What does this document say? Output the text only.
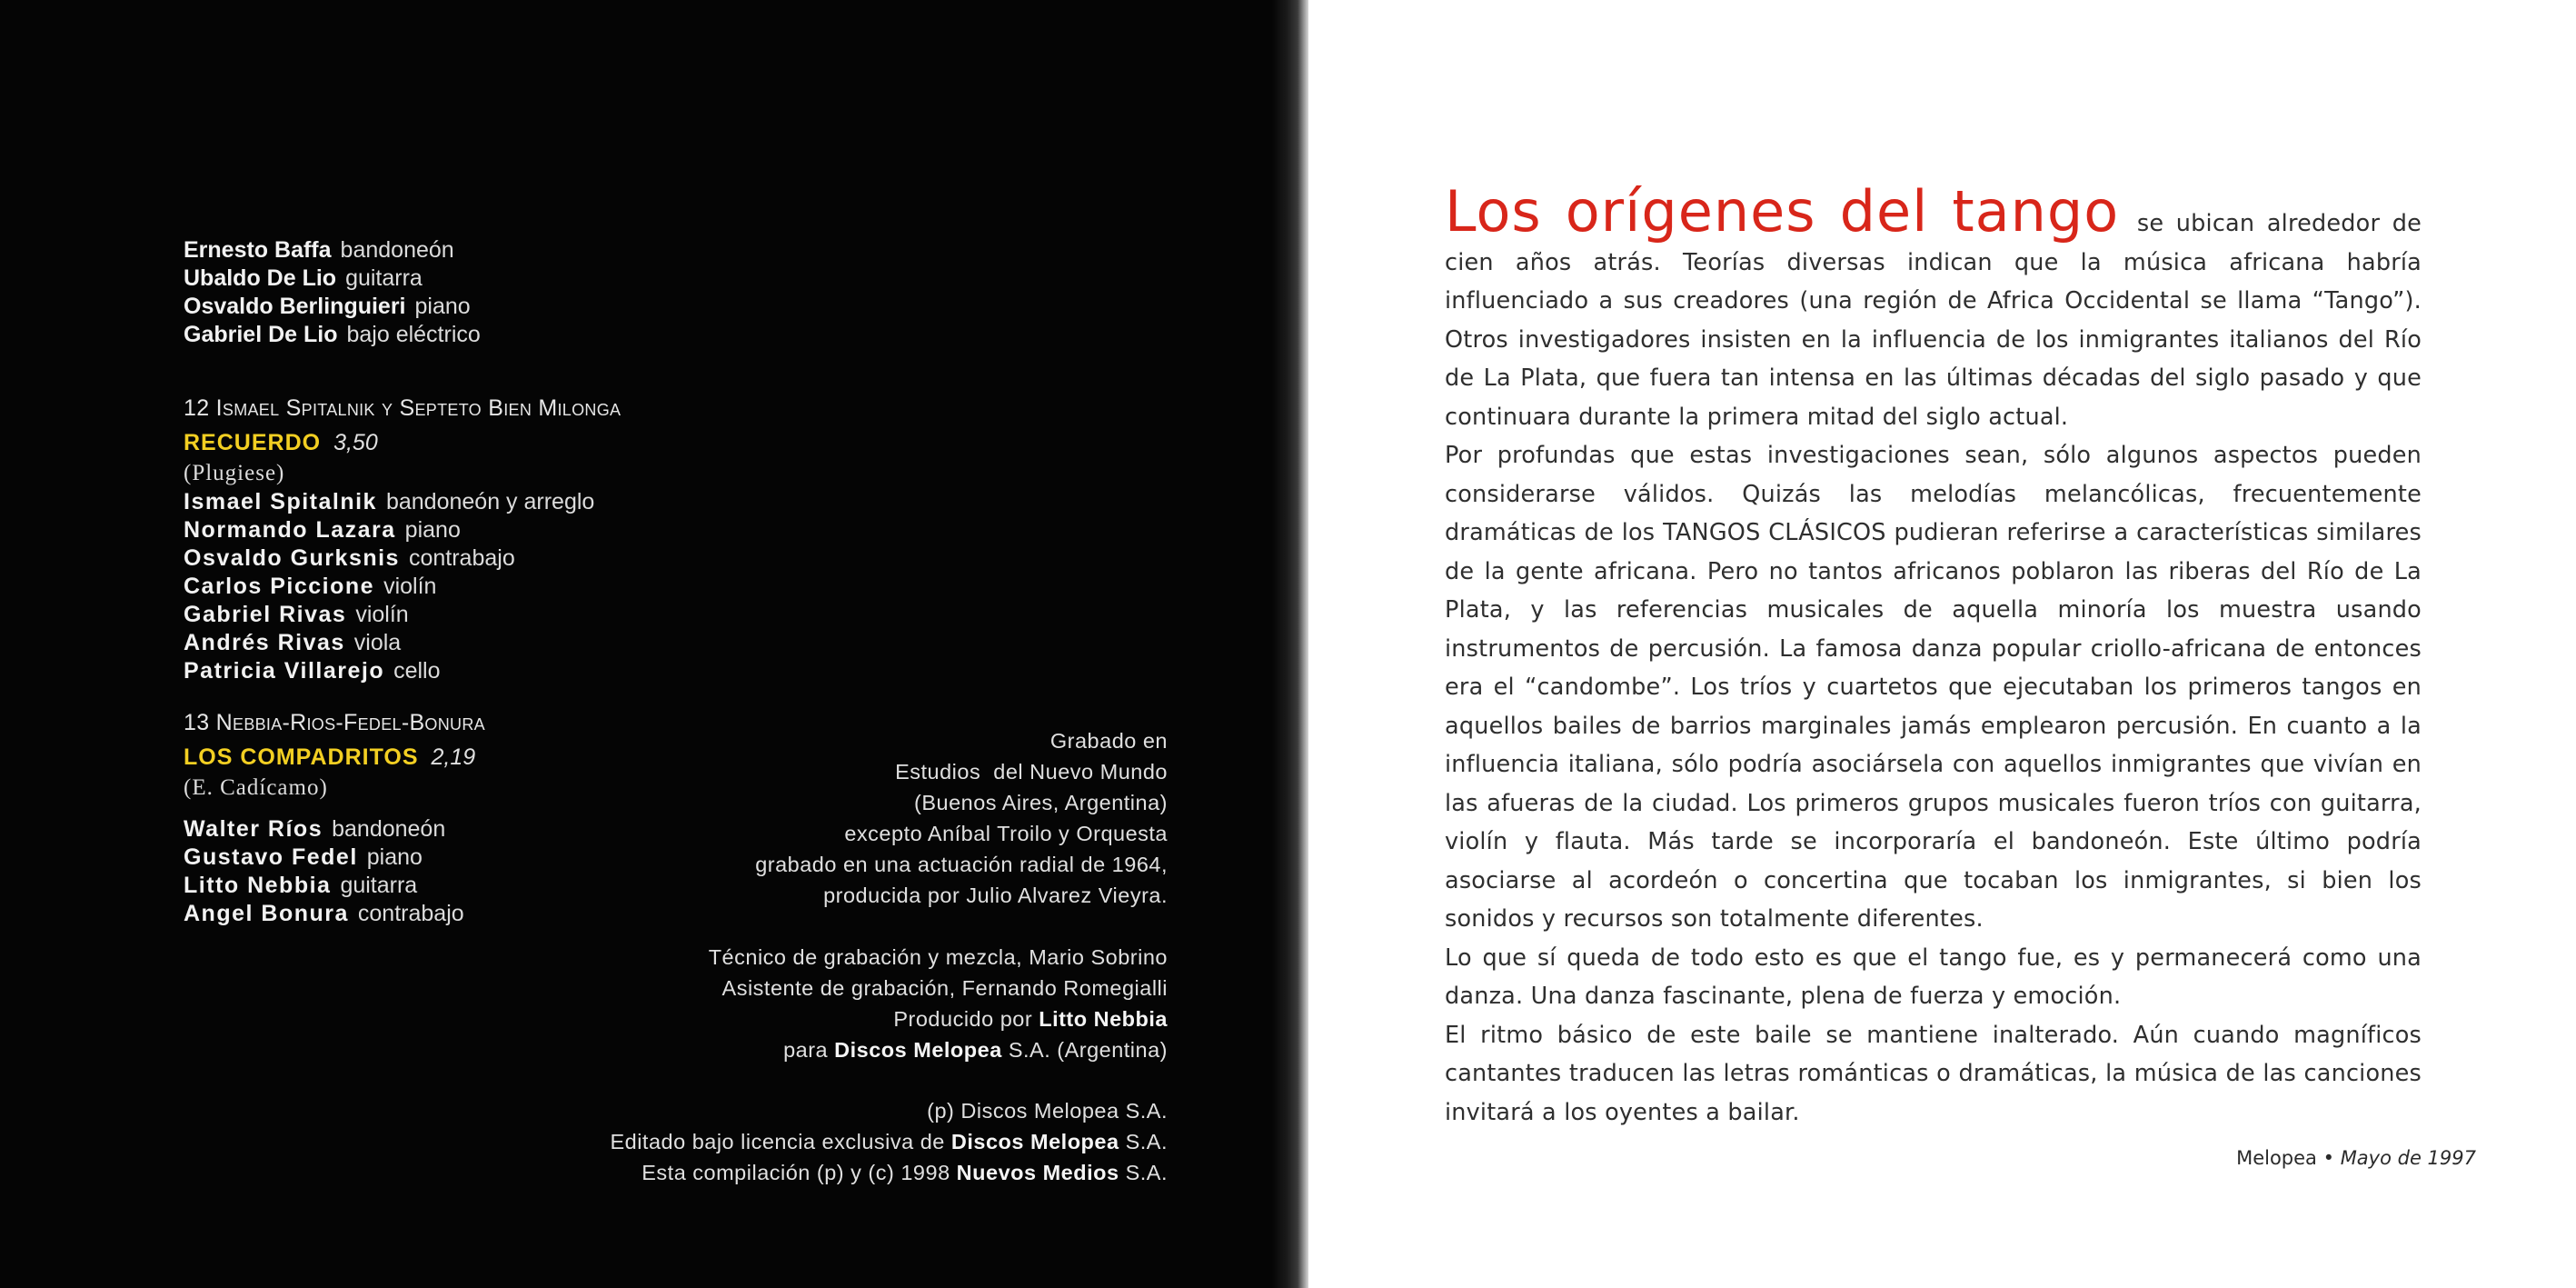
Ernesto Baffa bandoneón
Ubaldo De Lio guitarra
Osvaldo Berlinguieri piano
Gabriel De Lio bajo eléctrico
12 Ismael Spitalnik y Septeto Bien Milonga
RECUERDO 3,50
(Plugiese)
Ismael Spitalnik bandoneón y arreglo
Normando Lazara piano
Osvaldo Gurksnis contrabajo
Carlos Piccione violín
Gabriel Rivas violín
Andrés Rivas viola
Patricia Villarejo cello
13 Nebbia-Rios-Fedel-Bonura
LOS COMPADRITOS 2,19
(E. Cadícamo)
Walter Ríos bandoneón
Gustavo Fedel piano
Litto Nebbia guitarra
Angel Bonura contrabajo
Grabado en
Estudios  del Nuevo Mundo
(Buenos Aires, Argentina)
excepto Aníbal Troilo y Orquesta
grabado en una actuación radial de 1964,
producida por Julio Alvarez Vieyra.
Técnico de grabación y mezcla, Mario Sobrino
Asistente de grabación, Fernando Romegialli
Producido por Litto Nebbia
para Discos Melopea S.A. (Argentina)
(p) Discos Melopea S.A.
Editado bajo licencia exclusiva de Discos Melopea S.A.
Esta compilación (p) y (c) 1998 Nuevos Medios S.A.

Los orígenes del tango se ubican alrededor de cien años atrás. Teorías diversas indican que la música africana habría influenciado a sus creadores (una región de Africa Occidental se llama “Tango”). Otros investigadores insisten en la influencia de los inmigrantes italianos del Río de La Plata, que fuera tan intensa en las últimas décadas del siglo pasado y que continuara durante la primera mitad del siglo actual.

Por profundas que estas investigaciones sean, sólo algunos aspectos pueden considerarse válidos. Quizás las melodías melancólicas, frecuentemente dramáticas de los TANGOS CLÁSICOS pudieran referirse a características similares de la gente africana. Pero no tantos africanos poblaron las riberas del Río de La Plata, y las referencias musicales de aquella minoría los muestra usando instrumentos de percusión. La famosa danza popular criollo-africana de entonces era el “candombe”. Los tríos y cuartetos que ejecutaban los primeros tangos en aquellos bailes de barrios marginales jamás emplearon percusión. En cuanto a la influencia italiana, sólo podría asociársela con aquellos inmigrantes que vivían en las afueras de la ciudad. Los primeros grupos musicales fueron tríos con guitarra, violín y flauta. Más tarde se incorporaría el bandoneón. Este último podría asociarse al acordeón o concertina que tocaban los inmigrantes, si bien los sonidos y recursos son totalmente diferentes.

Lo que sí queda de todo esto es que el tango fue, es y permanecerá como una danza. Una danza fascinante, plena de fuerza y emoción.

El ritmo básico de este baile se mantiene inalterado. Aún cuando magníficos cantantes traducen las letras románticas o dramáticas, la música de las canciones invitará a los oyentes a bailar.

Melopea • Mayo de 1997
